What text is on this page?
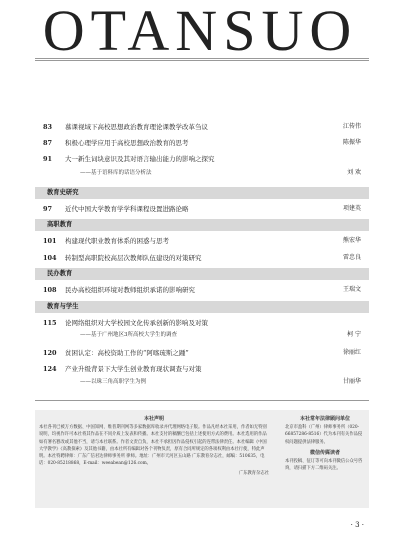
OTANSUO
83 慕课视域下高校思想政治教育理论课教学改革刍议	江传伟
87 积极心理学应用于高校思想政治教育的思考	陈振华
91 大一新生词块意识及其对语言输出能力的影响之探究
——基于语料库的话语分析法	刘 欢
教育史研究
97 近代中国大学教育学学科课程设置进路论略	项建英
高职教育
101 构建现代职业教育体系的困惑与思考	熊宏华
104 转制型高职院校高层次教师队伍建设的对策研究	雷忠良
民办教育
108 民办高校组织环境对教师组织承诺的影响研究	王瑞文
教育与学生
115 论网络组织对大学校园文化传承创新的影响及对策
——基于广州地区3所高校大学生的调查	柯 宁
120 贫困认定：高校资助工作的“阿喀琉斯之踵”	徐丽红
124 产业升级背景下大学生创业教育现状调查与对策
——以珠三角高职学生为例	甘丽华
本社声明
本社各刊已被万方数据、中国知网、维普期刊网等多家数据库收录并代理网络电子版。作品凡经本社采用，作者如无特别说明，均视作许可本社将其作品在不同介质上发表和传播。本社支付的稿酬已包括上述使用方式的费用。本社选用的作品如有署名篡改或其他不当，请与本社联系。作者文责自负，本社不承担因作品侵权引起的连带法律责任。本社编辑《中国大学教学》《高教探索》及其他书籍，由本社所有编辑对各个刊物负责，原有合同所规定的各项权利由本社行使，特此声明。本社特聘律师：广东广信君达律师事务所 律师。地址：广州市天河区五山路 广东教育杂志社，邮编：510635，电话：020-85218868，E-mail：weeabean@126.com。
广东教育杂志社
本社常年法律顾问单位
北京市盈科（广州）律师事务所（020-66857286-8516）代为本刊有关作品侵权问题提供法律服务。
微信传媒读者
本刊投稿、征订等可向本刊微信公众号咨询，请扫描下方二维码关注。
· 3 ·
